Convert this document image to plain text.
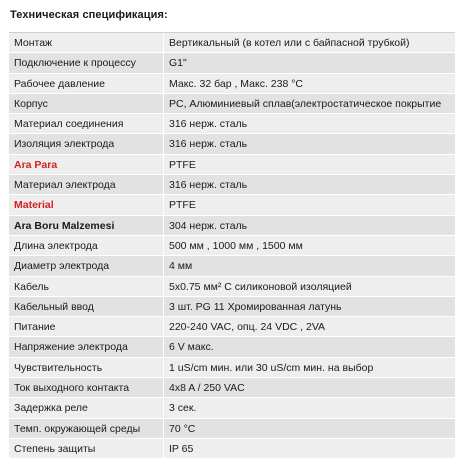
Техническая спецификация:
Монтаж	Вертикальный (в котел или с байпасной трубкой)
Подключение к процессу	G1"
Рабочее давление	Макс. 32 бар , Макс. 238 °C
Корпус	PC, Алюминиевый сплав(электростатическое покрытие
Материал соединения	316 нерж. сталь
Изоляция электрода	316 нерж. сталь
Ara Para	PTFE
Материал электрода	316 нерж. сталь
Material	PTFE
Ara Boru Malzemesi	304 нерж. сталь
Длина электрода	500 мм , 1000 мм , 1500 мм
Диаметр электрода	4 мм
Кабель	5x0.75 мм² С силиконовой изоляцией
Кабельный ввод	3 шт. PG 11 Хромированная латунь
Питание	220-240 VAC, опц. 24 VDC , 2VA
Напряжение электрода	6 V макс.
Чувствительность	1 uS/cm мин. или 30 uS/cm мин. на выбор
Ток выходного контакта	4x8 A / 250 VAC
Задержка реле	3 сек.
Темп. окружающей среды	70 °C
Степень защиты	IP 65
